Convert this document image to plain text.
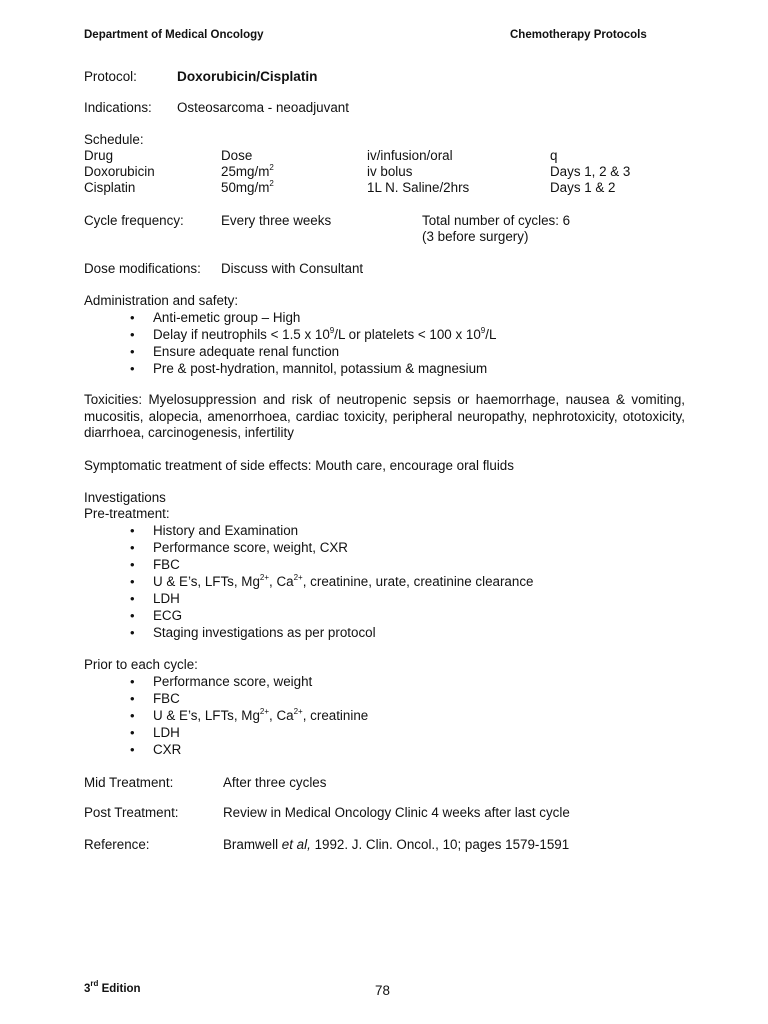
Department of Medical Oncology	Chemotherapy Protocols
Protocol:	Doxorubicin/Cisplatin
Indications: Osteosarcoma - neoadjuvant
Schedule:
Drug	Dose	iv/infusion/oral	q
Doxorubicin	$25mg/m^2$	iv bolus	Days 1, 2 & 3
Cisplatin	$50mg/m^2$	1L N. Saline/2hrs	Days 1 & 2
Cycle frequency:	Every three weeks	Total number of cycles: 6
(3 before surgery)
Dose modifications: Discuss with Consultant
Administration and safety:
• Anti-emetic group – High
• Delay if neutrophils < 1.5 x $10^9/L$ or platelets < 100 x $10^9/L$
• Ensure adequate renal function
• Pre & post-hydration, mannitol, potassium & magnesium
Toxicities: Myelosuppression and risk of neutropenic sepsis or haemorrhage, nausea & vomiting, mucositis, alopecia, amenorrhoea, cardiac toxicity, peripheral neuropathy, nephrotoxicity, ototoxicity, diarrhoea, carcinogenesis, infertility
Symptomatic treatment of side effects: Mouth care, encourage oral fluids
Investigations
Pre-treatment:
• History and Examination
• Performance score, weight, CXR
• FBC
• U & E’s, LFTs, $Mg^{2+}$, $Ca^{2+}$, creatinine, urate, creatinine clearance
• LDH
• ECG
• Staging investigations as per protocol
Prior to each cycle:
• Performance score, weight
• FBC
• U & E’s, LFTs, $Mg^{2+}$, $Ca^{2+}$, creatinine
• LDH
• CXR
Mid Treatment:	After three cycles
Post Treatment:	Review in Medical Oncology Clinic 4 weeks after last cycle
Reference:	Bramwell et al, 1992. J. Clin. Oncol., 10; pages 1579-1591
3rd Edition	78
